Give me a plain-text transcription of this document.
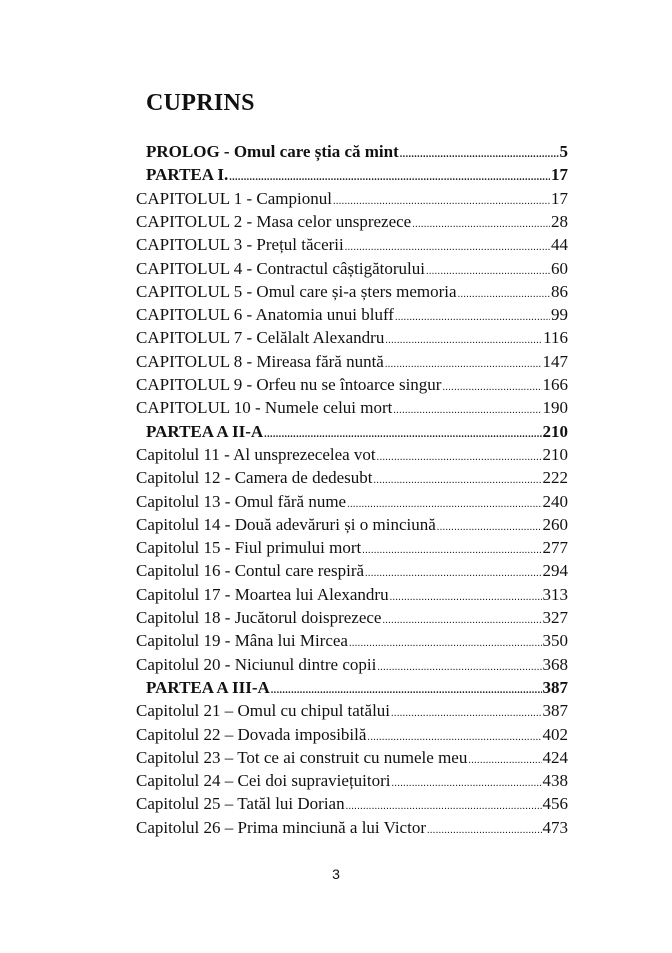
CUPRINS
PROLOG - Omul care știa că mint .....	5
PARTEA I. .....	17
CAPITOLUL 1 - Campionul .....	17
CAPITOLUL 2 - Masa celor unsprezece .....	28
CAPITOLUL 3 - Prețul tăcerii .....	44
CAPITOLUL 4 - Contractul câștigătorului .....	60
CAPITOLUL 5 - Omul care și-a șters memoria .....	86
CAPITOLUL 6 - Anatomia unui bluff .....	99
CAPITOLUL 7 - Celălalt Alexandru .....	116
CAPITOLUL 8 - Mireasa fără nuntă .....	147
CAPITOLUL 9 - Orfeu nu se întoarce singur .....	166
CAPITOLUL 10 - Numele celui mort .....	190
PARTEA A II-A .....	210
Capitolul 11 - Al unsprezecelea vot .....	210
Capitolul 12 - Camera de dedesubt .....	222
Capitolul 13 - Omul fără nume .....	240
Capitolul 14 - Două adevăruri și o minciună .....	260
Capitolul 15 - Fiul primului mort .....	277
Capitolul 16 - Contul care respiră .....	294
Capitolul 17 - Moartea lui Alexandru .....	313
Capitolul 18 - Jucătorul doisprezece .....	327
Capitolul 19 - Mâna lui Mircea .....	350
Capitolul 20 - Niciunul dintre copii .....	368
PARTEA A III-A .....	387
Capitolul 21 – Omul cu chipul tatălui .....	387
Capitolul 22 – Dovada imposibilă .....	402
Capitolul 23 – Tot ce ai construit cu numele meu .....	424
Capitolul 24 – Cei doi supraviețuitori .....	438
Capitolul 25 – Tatăl lui Dorian .....	456
Capitolul 26 – Prima minciună a lui Victor .....	473
3
